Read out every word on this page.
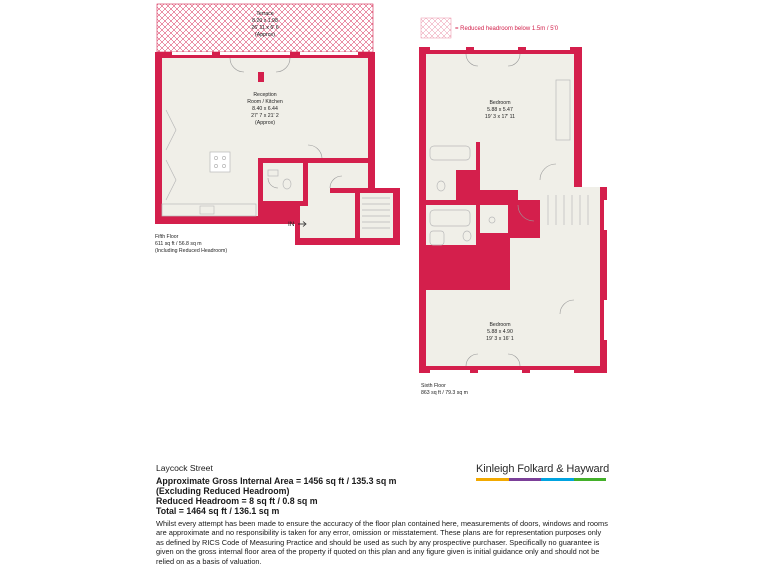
Terrace
8.20 x 1.98
26' 11 x 6' 6
(Approx)
Reception
Room / Kitchen
8.40 x 6.44
27' 7 x 21' 2
(Approx)
IN
Fifth Floor
611 sq ft / 56.8 sq m
(Including Reduced Headroom)
= Reduced headroom below 1.5m / 5'0
Bedroom
5.88 x 5.47
19' 3 x 17' 11
Bedroom
5.88 x 4.90
19' 3 x 16' 1
Sixth Floor
863 sq ft / 79.3 sq m

Laycock Street

Approximate Gross Internal Area = 1456 sq ft / 135.3 sq m

(Excluding Reduced Headroom)

Reduced Headroom = 8 sq ft / 0.8 sq m

Total = 1464 sq ft / 136.1 sq m

Whilst every attempt has been made to ensure the accuracy of the floor plan contained here, measurements of doors, windows and rooms are approximate and no responsibility is taken for any error, omission or misstatement. These plans are for representation purposes only as defined by RICS Code of Measuring Practice and should be used as such by any prospective purchaser. Specifically no guarantee is given on the gross internal floor area of the property if quoted on this plan and any figure given is initial guidance only and should not be relied on as a basis of valuation.

Kinleigh Folkard & Hayward
